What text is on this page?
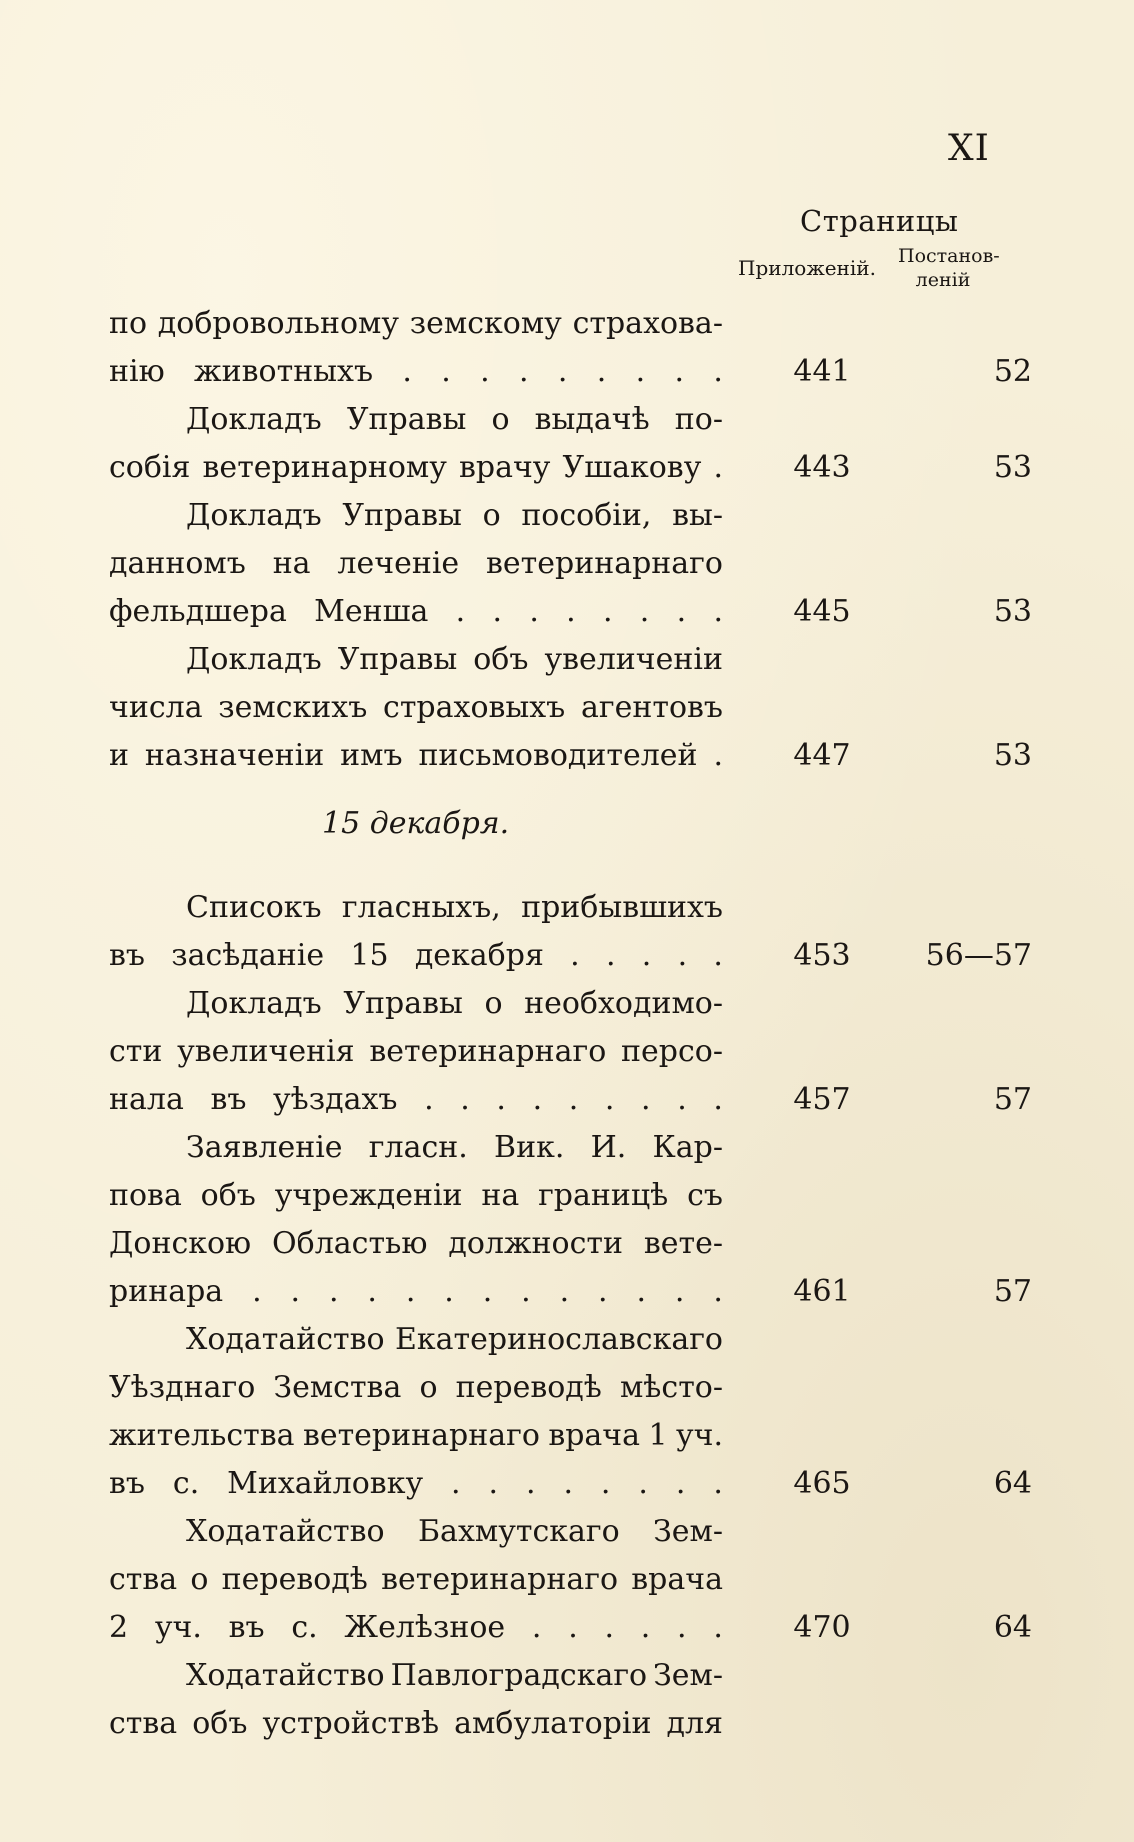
XI
Страницы
Приложеній. Постанов-
леній
15 декабря.
по добровольному земскому страхова-
нію животныхъ . . . . . . . . .	441	52
Докладъ Управы о выдачѣ по-
собія ветеринарному врачу Ушакову .	443	53
Докладъ Управы о пособіи, вы-
данномъ на леченіе ветеринарнаго
фельдшера Менша . . . . . . . .	445	53
Докладъ Управы объ увеличеніи
числа земскихъ страховыхъ агентовъ
и назначеніи имъ письмоводителей .	447	53
Списокъ гласныхъ, прибывшихъ
въ засѣданіе 15 декабря . . . . .	453	56—57
Докладъ Управы о необходимо-
сти увеличенія ветеринарнаго персо-
нала въ уѣздахъ . . . . . . . . .	457	57
Заявленіе гласн. Вик. И. Кар-
пова объ учрежденіи на границѣ съ
Донскою Областью должности вете-
ринара . . . . . . . . . . . . .	461	57
Ходатайство Екатеринославскаго
Уѣзднаго Земства о переводѣ мѣсто-
жительства ветеринарнаго врача 1 уч.
въ с. Михайловку . . . . . . . .	465	64
Ходатайство Бахмутскаго Зем-
ства о переводѣ ветеринарнаго врача
2 уч. въ с. Желѣзное . . . . . .	470	64
Ходатайство Павлоградскаго Зем-
ства объ устройствѣ амбулаторіи для
